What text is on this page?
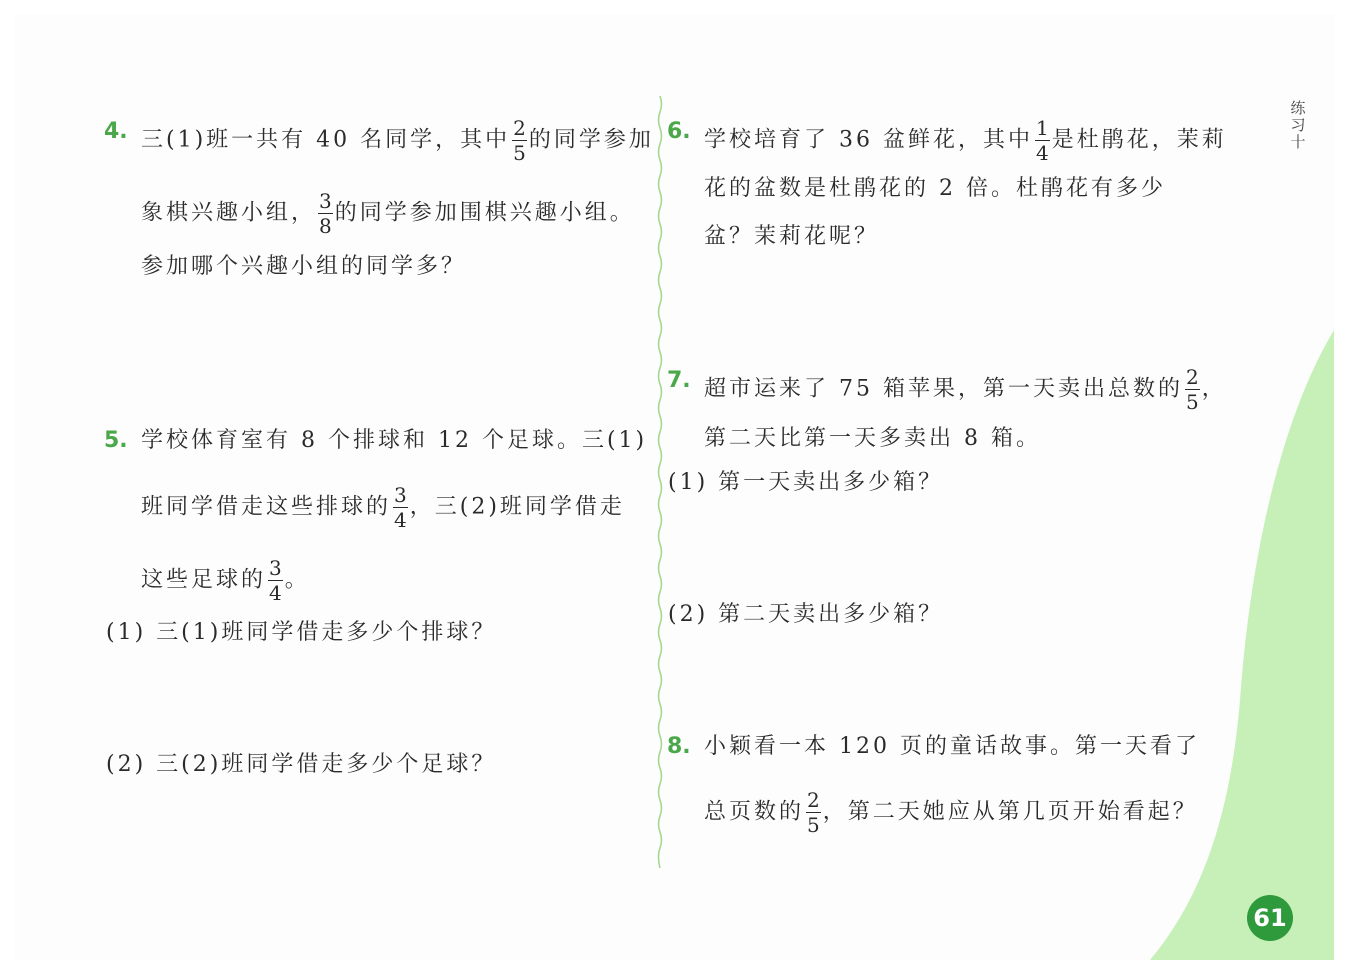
练
习
十
61
4. 三(1)班一共有 40 名同学，其中 $\frac{2}{5}$ 的同学参加
象棋兴趣小组， $\frac{3}{8}$ 的同学参加围棋兴趣小组。
参加哪个兴趣小组的同学多？
5. 学校体育室有 8 个排球和 12 个足球。三(1)
班同学借走这些排球的 $\frac{3}{4}$ ，三(2)班同学借走
这些足球的 $\frac{3}{4}$ 。
(1) 三(1)班同学借走多少个排球？
(2) 三(2)班同学借走多少个足球？
6. 学校培育了 36 盆鲜花，其中 $\frac{1}{4}$ 是杜鹃花，茉莉
花的盆数是杜鹃花的 2 倍。杜鹃花有多少
盆？茉莉花呢？
7. 超市运来了 75 箱苹果，第一天卖出总数的 $\frac{2}{5}$ ，
第二天比第一天多卖出 8 箱。
(1) 第一天卖出多少箱？
(2) 第二天卖出多少箱？
8. 小颖看一本 120 页的童话故事。第一天看了
总页数的 $\frac{2}{5}$ ，第二天她应从第几页开始看起？
